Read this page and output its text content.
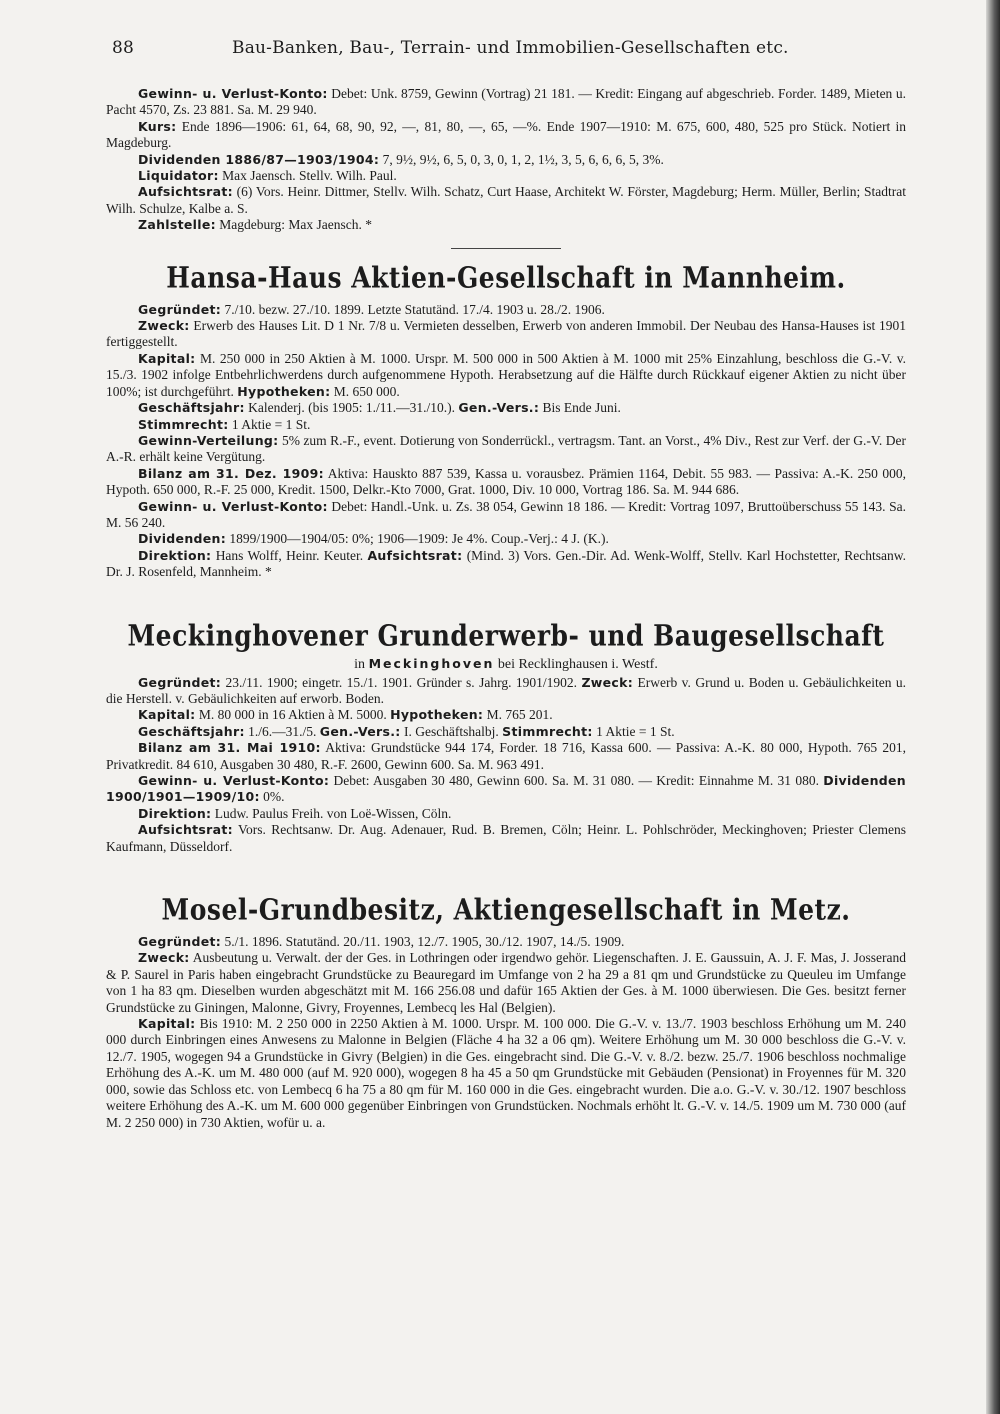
88	Bau-Banken, Bau-, Terrain- und Immobilien-Gesellschaften etc.

Gewinn- u. Verlust-Konto: Debet: Unk. 8759, Gewinn (Vortrag) 21 181. — Kredit: Eingang auf abgeschrieb. Forder. 1489, Mieten u. Pacht 4570, Zs. 23 881. Sa. M. 29 940.

Kurs: Ende 1896—1906: 61, 64, 68, 90, 92, —, 81, 80, —, 65, —%. Ende 1907—1910: M. 675, 600, 480, 525 pro Stück. Notiert in Magdeburg.

Dividenden 1886/87—1903/1904: 7, 9½, 9½, 6, 5, 0, 3, 0, 1, 2, 1½, 3, 5, 6, 6, 6, 5, 3%.

Liquidator: Max Jaensch. Stellv. Wilh. Paul.

Aufsichtsrat: (6) Vors. Heinr. Dittmer, Stellv. Wilh. Schatz, Curt Haase, Architekt W. Förster, Magdeburg; Herm. Müller, Berlin; Stadtrat Wilh. Schulze, Kalbe a. S.

Zahlstelle: Magdeburg: Max Jaensch. *

Hansa-Haus Aktien-Gesellschaft in Mannheim.

Gegründet: 7./10. bezw. 27./10. 1899. Letzte Statutänd. 17./4. 1903 u. 28./2. 1906.

Zweck: Erwerb des Hauses Lit. D 1 Nr. 7/8 u. Vermieten desselben, Erwerb von anderen Immobil. Der Neubau des Hansa-Hauses ist 1901 fertiggestellt.

Kapital: M. 250 000 in 250 Aktien à M. 1000. Urspr. M. 500 000 in 500 Aktien à M. 1000 mit 25% Einzahlung, beschloss die G.-V. v. 15./3. 1902 infolge Entbehrlichwerdens durch aufgenommene Hypoth. Herabsetzung auf die Hälfte durch Rückkauf eigener Aktien zu nicht über 100%; ist durchgeführt. Hypotheken: M. 650 000.

Geschäftsjahr: Kalenderj. (bis 1905: 1./11.—31./10.). Gen.-Vers.: Bis Ende Juni.

Stimmrecht: 1 Aktie = 1 St.

Gewinn-Verteilung: 5% zum R.-F., event. Dotierung von Sonderrückl., vertragsm. Tant. an Vorst., 4% Div., Rest zur Verf. der G.-V. Der A.-R. erhält keine Vergütung.

Bilanz am 31. Dez. 1909: Aktiva: Hauskto 887 539, Kassa u. vorausbez. Prämien 1164, Debit. 55 983. — Passiva: A.-K. 250 000, Hypoth. 650 000, R.-F. 25 000, Kredit. 1500, Delkr.-Kto 7000, Grat. 1000, Div. 10 000, Vortrag 186. Sa. M. 944 686.

Gewinn- u. Verlust-Konto: Debet: Handl.-Unk. u. Zs. 38 054, Gewinn 18 186. — Kredit: Vortrag 1097, Bruttoüberschuss 55 143. Sa. M. 56 240.

Dividenden: 1899/1900—1904/05: 0%; 1906—1909: Je 4%. Coup.-Verj.: 4 J. (K.).

Direktion: Hans Wolff, Heinr. Keuter. Aufsichtsrat: (Mind. 3) Vors. Gen.-Dir. Ad. Wenk-Wolff, Stellv. Karl Hochstetter, Rechtsanw. Dr. J. Rosenfeld, Mannheim. *

Meckinghovener Grunderwerb- und Baugesellschaft
in Meckinghoven bei Recklinghausen i. Westf.

Gegründet: 23./11. 1900; eingetr. 15./1. 1901. Gründer s. Jahrg. 1901/1902. Zweck: Erwerb v. Grund u. Boden u. Gebäulichkeiten u. die Herstell. v. Gebäulichkeiten auf erworb. Boden.

Kapital: M. 80 000 in 16 Aktien à M. 5000. Hypotheken: M. 765 201.

Geschäftsjahr: 1./6.—31./5. Gen.-Vers.: I. Geschäftshalbj. Stimmrecht: 1 Aktie = 1 St.

Bilanz am 31. Mai 1910: Aktiva: Grundstücke 944 174, Forder. 18 716, Kassa 600. — Passiva: A.-K. 80 000, Hypoth. 765 201, Privatkredit. 84 610, Ausgaben 30 480, R.-F. 2600, Gewinn 600. Sa. M. 963 491.

Gewinn- u. Verlust-Konto: Debet: Ausgaben 30 480, Gewinn 600. Sa. M. 31 080. — Kredit: Einnahme M. 31 080. Dividenden 1900/1901—1909/10: 0%.

Direktion: Ludw. Paulus Freih. von Loë-Wissen, Cöln.

Aufsichtsrat: Vors. Rechtsanw. Dr. Aug. Adenauer, Rud. B. Bremen, Cöln; Heinr. L. Pohlschröder, Meckinghoven; Priester Clemens Kaufmann, Düsseldorf.

Mosel-Grundbesitz, Aktiengesellschaft in Metz.

Gegründet: 5./1. 1896. Statutänd. 20./11. 1903, 12./7. 1905, 30./12. 1907, 14./5. 1909.

Zweck: Ausbeutung u. Verwalt. der der Ges. in Lothringen oder irgendwo gehör. Liegenschaften. J. E. Gaussuin, A. J. F. Mas, J. Josserand & P. Saurel in Paris haben eingebracht Grundstücke zu Beauregard im Umfange von 2 ha 29 a 81 qm und Grundstücke zu Queuleu im Umfange von 1 ha 83 qm. Dieselben wurden abgeschätzt mit M. 166 256.08 und dafür 165 Aktien der Ges. à M. 1000 überwiesen. Die Ges. besitzt ferner Grundstücke zu Giningen, Malonne, Givry, Froyennes, Lembecq les Hal (Belgien).

Kapital: Bis 1910: M. 2 250 000 in 2250 Aktien à M. 1000. Urspr. M. 100 000. Die G.-V. v. 13./7. 1903 beschloss Erhöhung um M. 240 000 durch Einbringen eines Anwesens zu Malonne in Belgien (Fläche 4 ha 32 a 06 qm). Weitere Erhöhung um M. 30 000 beschloss die G.-V. v. 12./7. 1905, wogegen 94 a Grundstücke in Givry (Belgien) in die Ges. eingebracht sind. Die G.-V. v. 8./2. bezw. 25./7. 1906 beschloss nochmalige Erhöhung des A.-K. um M. 480 000 (auf M. 920 000), wogegen 8 ha 45 a 50 qm Grundstücke mit Gebäuden (Pensionat) in Froyennes für M. 320 000, sowie das Schloss etc. von Lembecq 6 ha 75 a 80 qm für M. 160 000 in die Ges. eingebracht wurden. Die a.o. G.-V. v. 30./12. 1907 beschloss weitere Erhöhung des A.-K. um M. 600 000 gegenüber Einbringen von Grundstücken. Nochmals erhöht lt. G.-V. v. 14./5. 1909 um M. 730 000 (auf M. 2 250 000) in 730 Aktien, wofür u. a.
